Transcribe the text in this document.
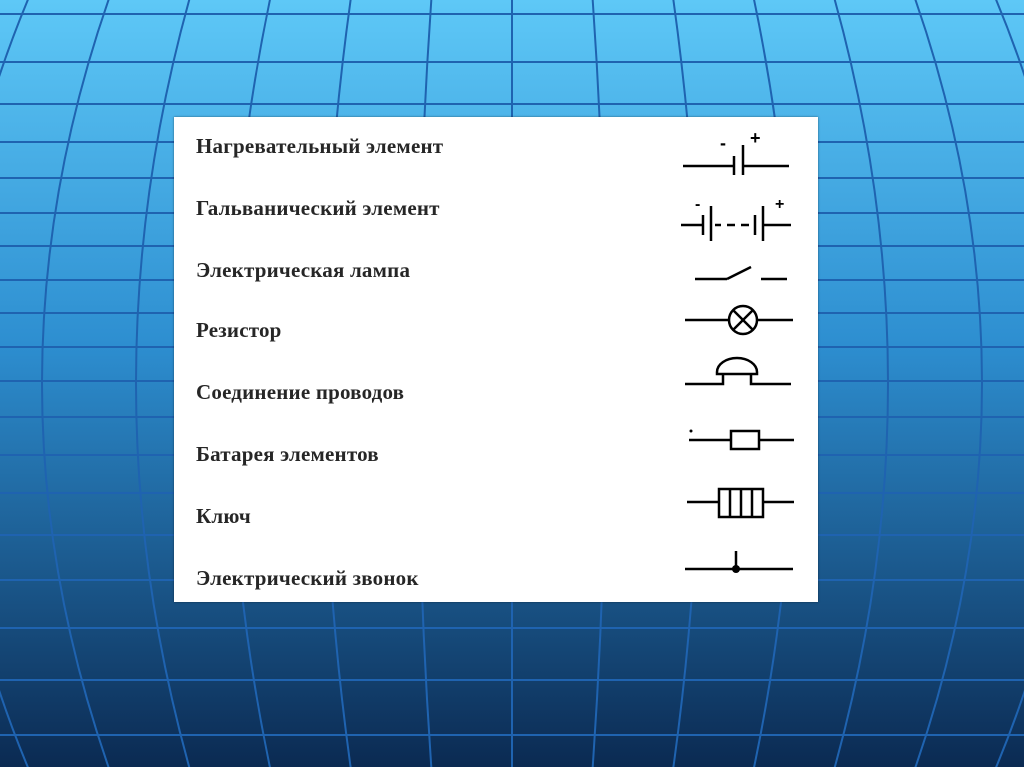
Нагревательный элемент	- +
Гальванический элемент	-	+
Электрическая лампа
Резистор
Соединение проводов
Батарея элементов
Ключ
Электрический звонок
